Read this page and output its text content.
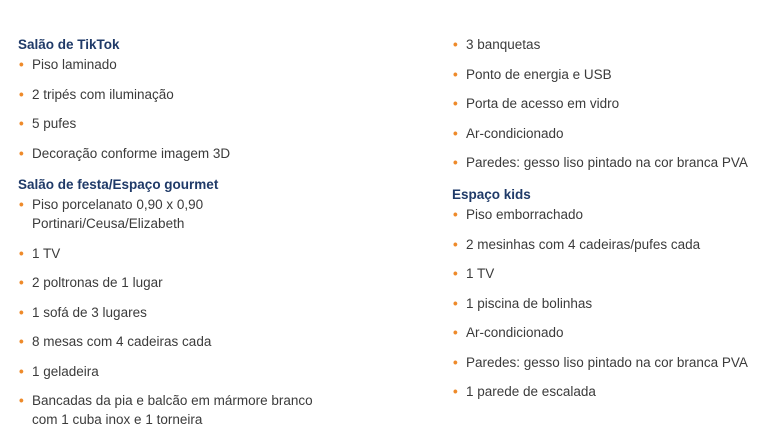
Salão de TikTok
• Piso laminado
• 2 tripés com iluminação
• 5 pufes
• Decoração conforme imagem 3D
Salão de festa/Espaço gourmet
• Piso porcelanato 0,90 x 0,90
Portinari/Ceusa/Elizabeth
• 1 TV
• 2 poltronas de 1 lugar
• 1 sofá de 3 lugares
• 8 mesas com 4 cadeiras cada
• 1 geladeira
• Bancadas da pia e balcão em mármore branco
com 1 cuba inox e 1 torneira
• 3 banquetas
• Ponto de energia e USB
• Porta de acesso em vidro
• Ar-condicionado
• Paredes: gesso liso pintado na cor branca PVA
Espaço kids
• Piso emborrachado
• 2 mesinhas com 4 cadeiras/pufes cada
• 1 TV
• 1 piscina de bolinhas
• Ar-condicionado
• Paredes: gesso liso pintado na cor branca PVA
• 1 parede de escalada
